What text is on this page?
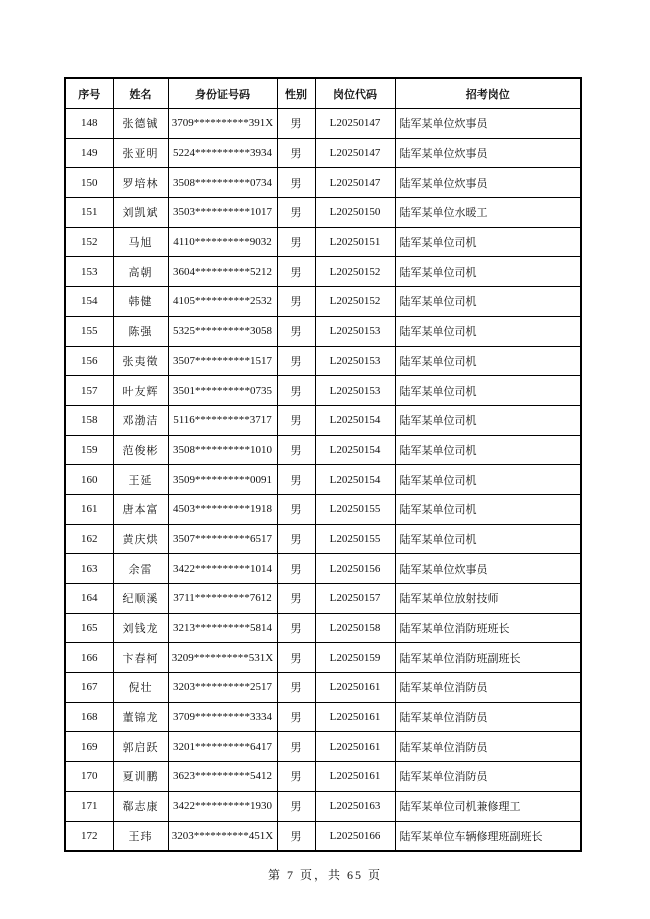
序号	姓名	身份证号码	性别	岗位代码	招考岗位
148	张德铖	3709**********391X	男	L20250147	陆军某单位炊事员
149	张亚明	5224**********3934	男	L20250147	陆军某单位炊事员
150	罗培林	3508**********0734	男	L20250147	陆军某单位炊事员
151	刘凯斌	3503**********1017	男	L20250150	陆军某单位水暖工
152	马旭	4110**********9032	男	L20250151	陆军某单位司机
153	高朝	3604**********5212	男	L20250152	陆军某单位司机
154	韩健	4105**********2532	男	L20250152	陆军某单位司机
155	陈强	5325**********3058	男	L20250153	陆军某单位司机
156	张夷徵	3507**********1517	男	L20250153	陆军某单位司机
157	叶友辉	3501**********0735	男	L20250153	陆军某单位司机
158	邓渤洁	5116**********3717	男	L20250154	陆军某单位司机
159	范俊彬	3508**********1010	男	L20250154	陆军某单位司机
160	王延	3509**********0091	男	L20250154	陆军某单位司机
161	唐本富	4503**********1918	男	L20250155	陆军某单位司机
162	黄庆烘	3507**********6517	男	L20250155	陆军某单位司机
163	余雷	3422**********1014	男	L20250156	陆军某单位炊事员
164	纪顺溪	3711**********7612	男	L20250157	陆军某单位放射技师
165	刘钱龙	3213**********5814	男	L20250158	陆军某单位消防班班长
166	卞春柯	3209**********531X	男	L20250159	陆军某单位消防班副班长
167	倪壮	3203**********2517	男	L20250161	陆军某单位消防员
168	董锦龙	3709**********3334	男	L20250161	陆军某单位消防员
169	郭启跃	3201**********6417	男	L20250161	陆军某单位消防员
170	夏训鹏	3623**********5412	男	L20250161	陆军某单位消防员
171	郗志康	3422**********1930	男	L20250163	陆军某单位司机兼修理工
172	王玮	3203**********451X	男	L20250166	陆军某单位车辆修理班副班长
第 7 页，共 65 页
